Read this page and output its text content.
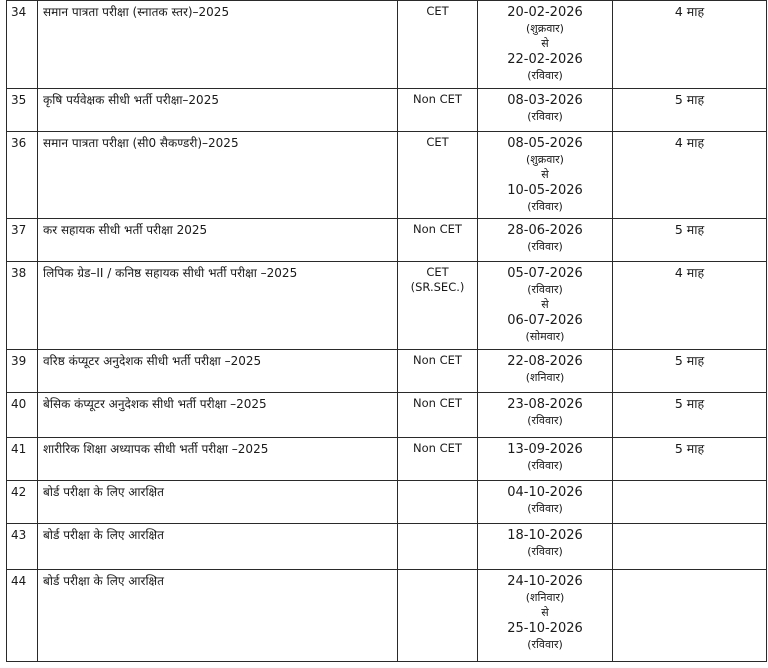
34	समान पात्रता परीक्षा (स्नातक स्तर)–2025	CET	20-02-2026
(शुक्रवार)
से
22-02-2026
(रविवार)	4 माह

35	कृषि पर्यवेक्षक सीधी भर्ती परीक्षा–2025	Non CET	08-03-2026
(रविवार)	5 माह

36	समान पात्रता परीक्षा (सी0 सैकण्डरी)–2025	CET	08-05-2026
(शुक्रवार)
से
10-05-2026
(रविवार)	4 माह

37	कर सहायक सीधी भर्ती परीक्षा 2025	Non CET	28-06-2026
(रविवार)	5 माह

38	लिपिक ग्रेड–II / कनिष्ठ सहायक सीधी भर्ती परीक्षा –2025	CET
(SR.SEC.)	05-07-2026
(रविवार)
से
06-07-2026
(सोमवार)	4 माह

39	वरिष्ठ कंप्यूटर अनुदेशक सीधी भर्ती परीक्षा –2025	Non CET	22-08-2026
(शनिवार)	5 माह

40	बेसिक कंप्यूटर अनुदेशक सीधी भर्ती परीक्षा –2025	Non CET	23-08-2026
(रविवार)	5 माह

41	शारीरिक शिक्षा अध्यापक सीधी भर्ती परीक्षा –2025	Non CET	13-09-2026
(रविवार)	5 माह

42	बोर्ड परीक्षा के लिए आरक्षित		04-10-2026
(रविवार)	

43	बोर्ड परीक्षा के लिए आरक्षित		18-10-2026
(रविवार)	

44	बोर्ड परीक्षा के लिए आरक्षित		24-10-2026
(शनिवार)
से
25-10-2026
(रविवार)	
